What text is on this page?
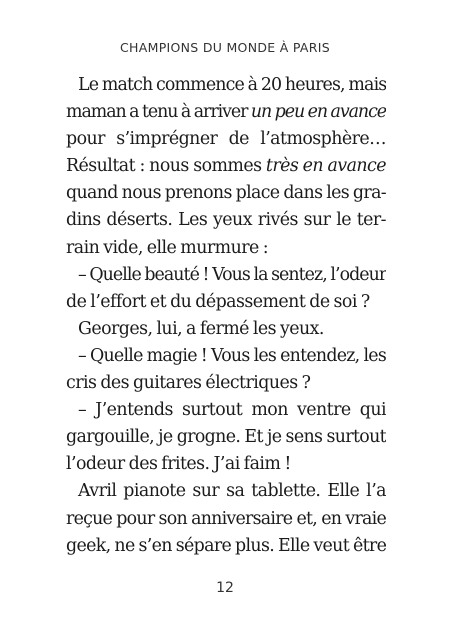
CHAMPIONS DU MONDE À PARIS
Le match commence à 20 heures, mais
maman a tenu à arriver un peu en avance
pour s’imprégner de l’atmosphère…
Résultat : nous sommes très en avance
quand nous prenons place dans les gra-
dins déserts. Les yeux rivés sur le ter-
rain vide, elle murmure :
– Quelle beauté ! Vous la sentez, l’odeur
de l’effort et du dépassement de soi ?
Georges, lui, a fermé les yeux.
– Quelle magie ! Vous les entendez, les
cris des guitares électriques ?
– J’entends surtout mon ventre qui
gargouille, je grogne. Et je sens surtout
l’odeur des frites. J’ai faim !
Avril pianote sur sa tablette. Elle l’a
reçue pour son anniversaire et, en vraie
geek, ne s’en sépare plus. Elle veut être
12
